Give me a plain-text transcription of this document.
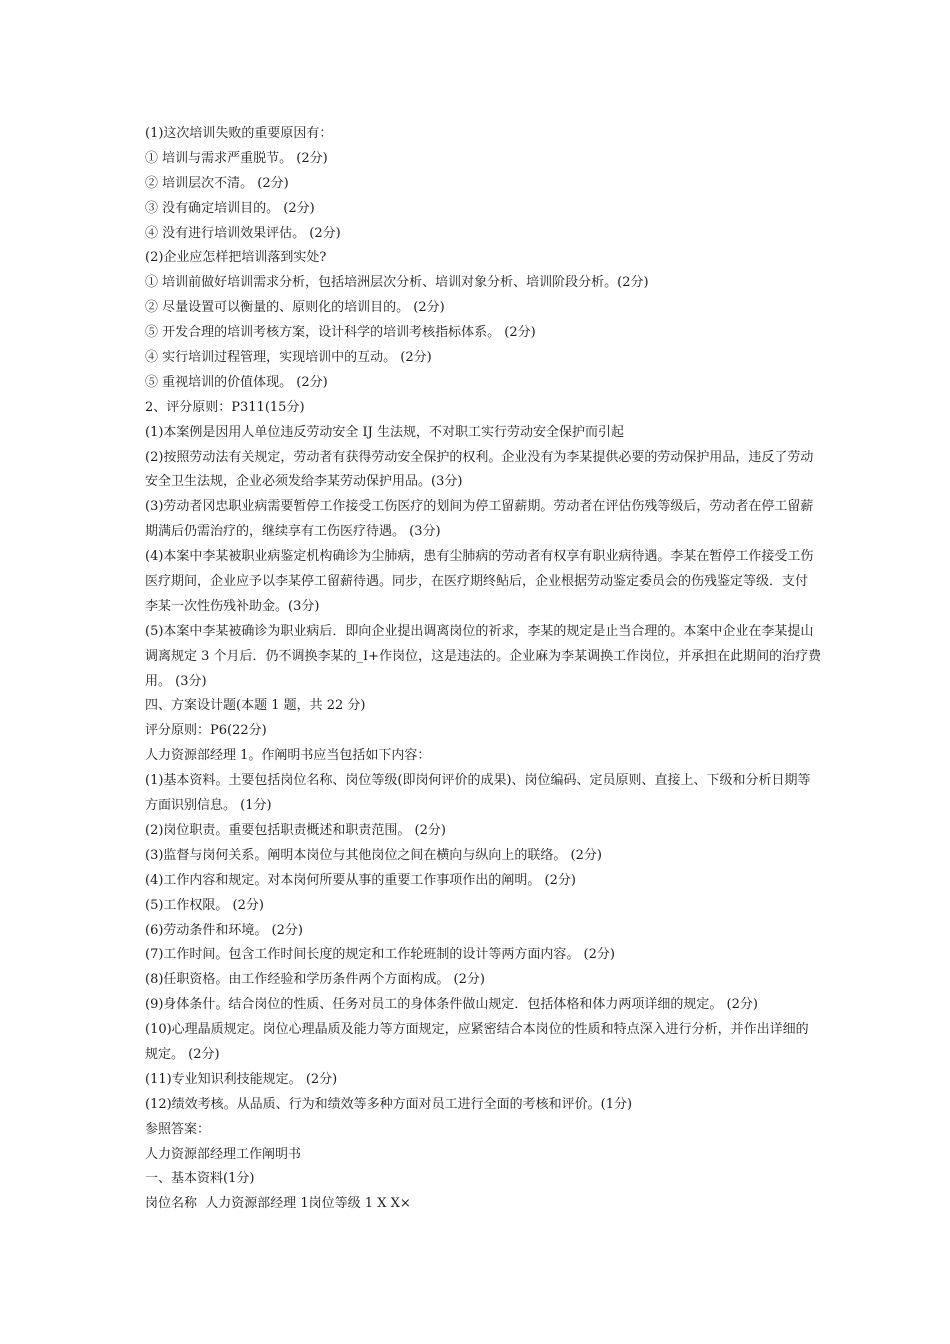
(1)这次培训失败的重要原因有：
① 培训与需求严重脱节。 (2分)
② 培训层次不清。 (2分)
③ 没有确定培训目的。 (2分)
④ 没有进行培训效果评估。 (2分)
(2)企业应怎样把培训落到实处?
① 培训前做好培训需求分析，包括培洲层次分析、培训对象分析、培训阶段分析。(2分)
② 尽量设置可以衡量的、原则化的培训目的。 (2分)
⑤ 开发合理的培训考核方案，设计科学的培训考核指标体系。 (2分)
④ 实行培训过程管理，实现培训中的互动。 (2分)
⑤ 重视培训的价值体现。 (2分)
2、评分原则：P311(15分)
(1)本案例是因用人单位违反劳动安全 IJ 生法规，不对职工实行劳动安全保护而引起
(2)按照劳动法有关规定，劳动者有获得劳动安全保护的权利。企业没有为李某提供必要的劳动保护用品，违反了劳动
安全卫生法规，企业必须发给李某劳动保护用品。(3分)
(3)劳动者冈忠职业病需要暂停工作接受工伤医疗的划间为停工留薪期。劳动者在评估伤残等级后，劳动者在停工留薪
期满后仍需治疗的，继续享有工伤医疗待遇。 (3分)
(4)本案中李某被职业病鉴定机构确诊为尘肺病，患有尘肺病的劳动者有权享有职业病待遇。李某在暂停工作接受工伤
医疗期间，企业应予以李某停工留薪待遇。同步，在医疗期终鲇后，企业根据劳动鉴定委员会的伤残鉴定等级．支付
李某一次性伤残补助金。(3分)
(5)本案中李某被确诊为职业病后．即向企业提出调离岗位的祈求，李某的规定是止当合理的。本案中企业在李某提山
调离规定 3 个月后．仍不调换李某的_I+作岗位，这是违法的。企业麻为李某调换工作岗位，并承担在此期间的治疗费
用。 (3分)
四、方案设计题(本题 1 题，共 22 分)
评分原则：P6(22分)
人力资源部经理 1。作阐明书应当包括如下内容：
(1)基本资料。土要包括岗位名称、岗位等级(即岗何评价的成果)、岗位编码、定员原则、直接上、下级和分析日期等
方面识别信息。 (1分)
(2)岗位职责。重要包括职责概述和职责范围。 (2分)
(3)监督与岗何关系。阐明本岗位与其他岗位之间在横向与纵向上的联络。 (2分)
(4)工作内容和规定。对本岗何所要从事的重要工作事项作出的阐明。 (2分)
(5)工作权限。 (2分)
(6)劳动条件和环境。 (2分)
(7)工作时间。包含工作时间长度的规定和工作轮班制的设计等两方面内容。 (2分)
(8)任职资格。由工作经验和学历条件两个方面构成。 (2分)
(9)身体条什。结合岗位的性质、任务对员工的身体条件做山规定．包括体格和体力两项详细的规定。 (2分)
(10)心理晶质规定。岗位心理晶质及能力等方面规定，应紧密结合本岗位的性质和特点深入进行分析，并作出详细的
规定。 (2分)
(11)专业知识利技能规定。 (2分)
(12)绩效考核。从品质、行为和绩效等多种方面对员工进行全面的考核和评价。(1分)
参照答案：
人力资源部经理工作阐明书
一、基本资料(1分)
岗位名称  人力资源部经理 1岗位等级 1 X X×
